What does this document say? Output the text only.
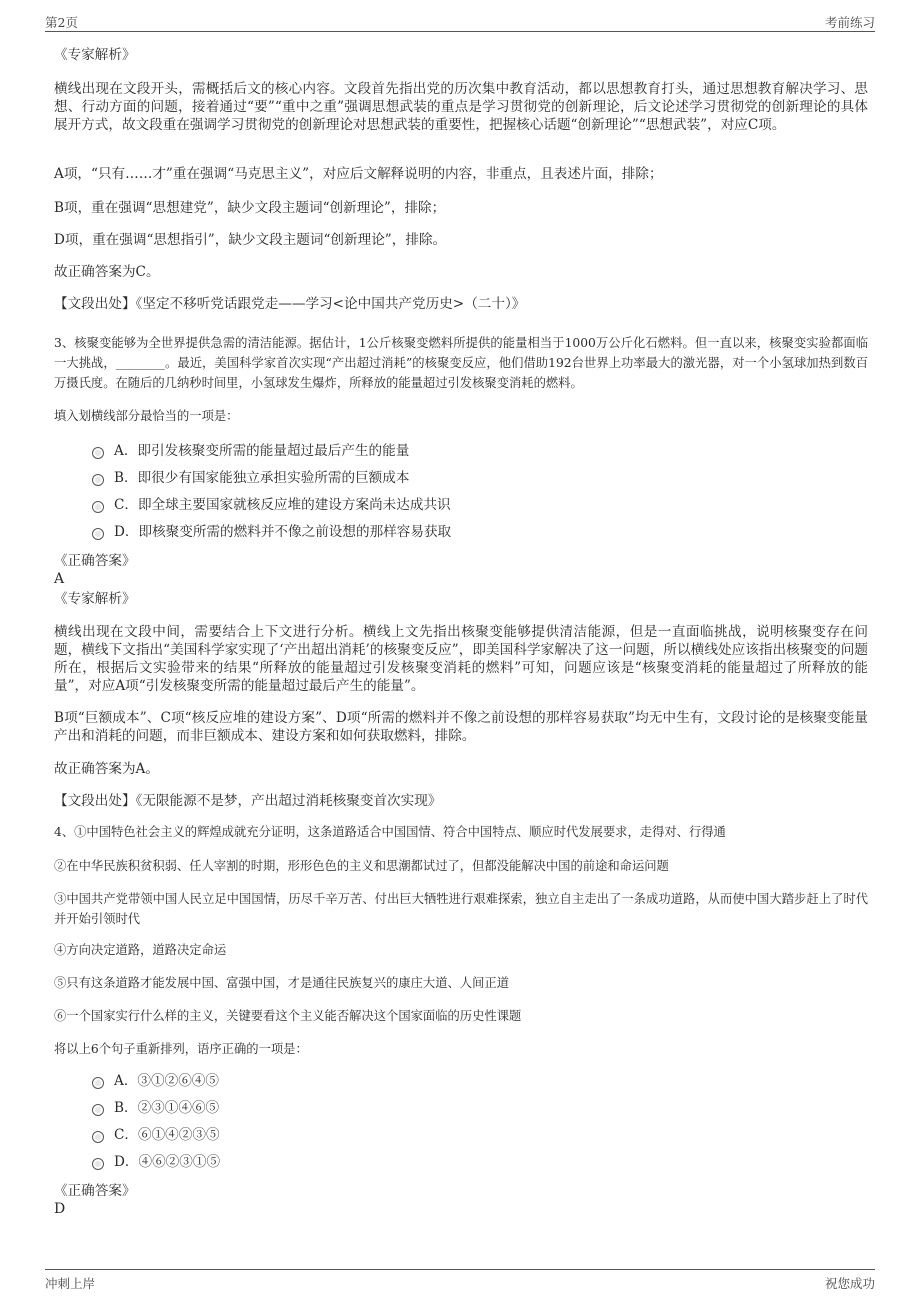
第2页	考前练习
《专家解析》
横线出现在文段开头，需概括后文的核心内容。文段首先指出党的历次集中教育活动，都以思想教育打头，通过思想教育解决学习、思想、行动方面的问题，接着通过“要”“重中之重”强调思想武装的重点是学习贯彻党的创新理论，后文论述学习贯彻党的创新理论的具体展开方式，故文段重在强调学习贯彻党的创新理论对思想武装的重要性，把握核心话题“创新理论”“思想武装”，对应C项。
A项，“只有……才”重在强调“马克思主义”，对应后文解释说明的内容，非重点，且表述片面，排除；
B项，重在强调“思想建党”，缺少文段主题词“创新理论”，排除；
D项，重在强调“思想指引”，缺少文段主题词“创新理论”，排除。
故正确答案为C。
【文段出处】《坚定不移听党话跟党走——学习<论中国共产党历史>（二十）》
3、核聚变能够为全世界提供急需的清洁能源。据估计，1公斤核聚变燃料所提供的能量相当于1000万公斤化石燃料。但一直以来，核聚变实验都面临一大挑战，________。最近，美国科学家首次实现“产出超过消耗”的核聚变反应，他们借助192台世界上功率最大的激光器，对一个小氢球加热到数百万摄氏度。在随后的几纳秒时间里，小氢球发生爆炸，所释放的能量超过引发核聚变消耗的燃料。
填入划横线部分最恰当的一项是：
A．即引发核聚变所需的能量超过最后产生的能量
B．即很少有国家能独立承担实验所需的巨额成本
C．即全球主要国家就核反应堆的建设方案尚未达成共识
D．即核聚变所需的燃料并不像之前设想的那样容易获取
《正确答案》
A
《专家解析》
横线出现在文段中间，需要结合上下文进行分析。横线上文先指出核聚变能够提供清洁能源，但是一直面临挑战，说明核聚变存在问题，横线下文指出“美国科学家实现了‘产出超出消耗’的核聚变反应”，即美国科学家解决了这一问题，所以横线处应该指出核聚变的问题所在，根据后文实验带来的结果“所释放的能量超过引发核聚变消耗的燃料”可知，问题应该是“核聚变消耗的能量超过了所释放的能量”，对应A项“引发核聚变所需的能量超过最后产生的能量”。
B项“巨额成本”、C项“核反应堆的建设方案”、D项“所需的燃料并不像之前设想的那样容易获取”均无中生有，文段讨论的是核聚变能量产出和消耗的问题，而非巨额成本、建设方案和如何获取燃料，排除。
故正确答案为A。
【文段出处】《无限能源不是梦，产出超过消耗核聚变首次实现》
4、①中国特色社会主义的辉煌成就充分证明，这条道路适合中国国情、符合中国特点、顺应时代发展要求，走得对、行得通
②在中华民族积贫积弱、任人宰割的时期，形形色色的主义和思潮都试过了，但都没能解决中国的前途和命运问题
③中国共产党带领中国人民立足中国国情，历尽千辛万苦、付出巨大牺牲进行艰难探索，独立自主走出了一条成功道路，从而使中国大踏步赶上了时代并开始引领时代
④方向决定道路，道路决定命运
⑤只有这条道路才能发展中国、富强中国，才是通往民族复兴的康庄大道、人间正道
⑥一个国家实行什么样的主义，关键要看这个主义能否解决这个国家面临的历史性课题
将以上6个句子重新排列，语序正确的一项是：
A．③①②⑥④⑤
B．②③①④⑥⑤
C．⑥①④②③⑤
D．④⑥②③①⑤
《正确答案》
D
冲刺上岸	祝您成功
